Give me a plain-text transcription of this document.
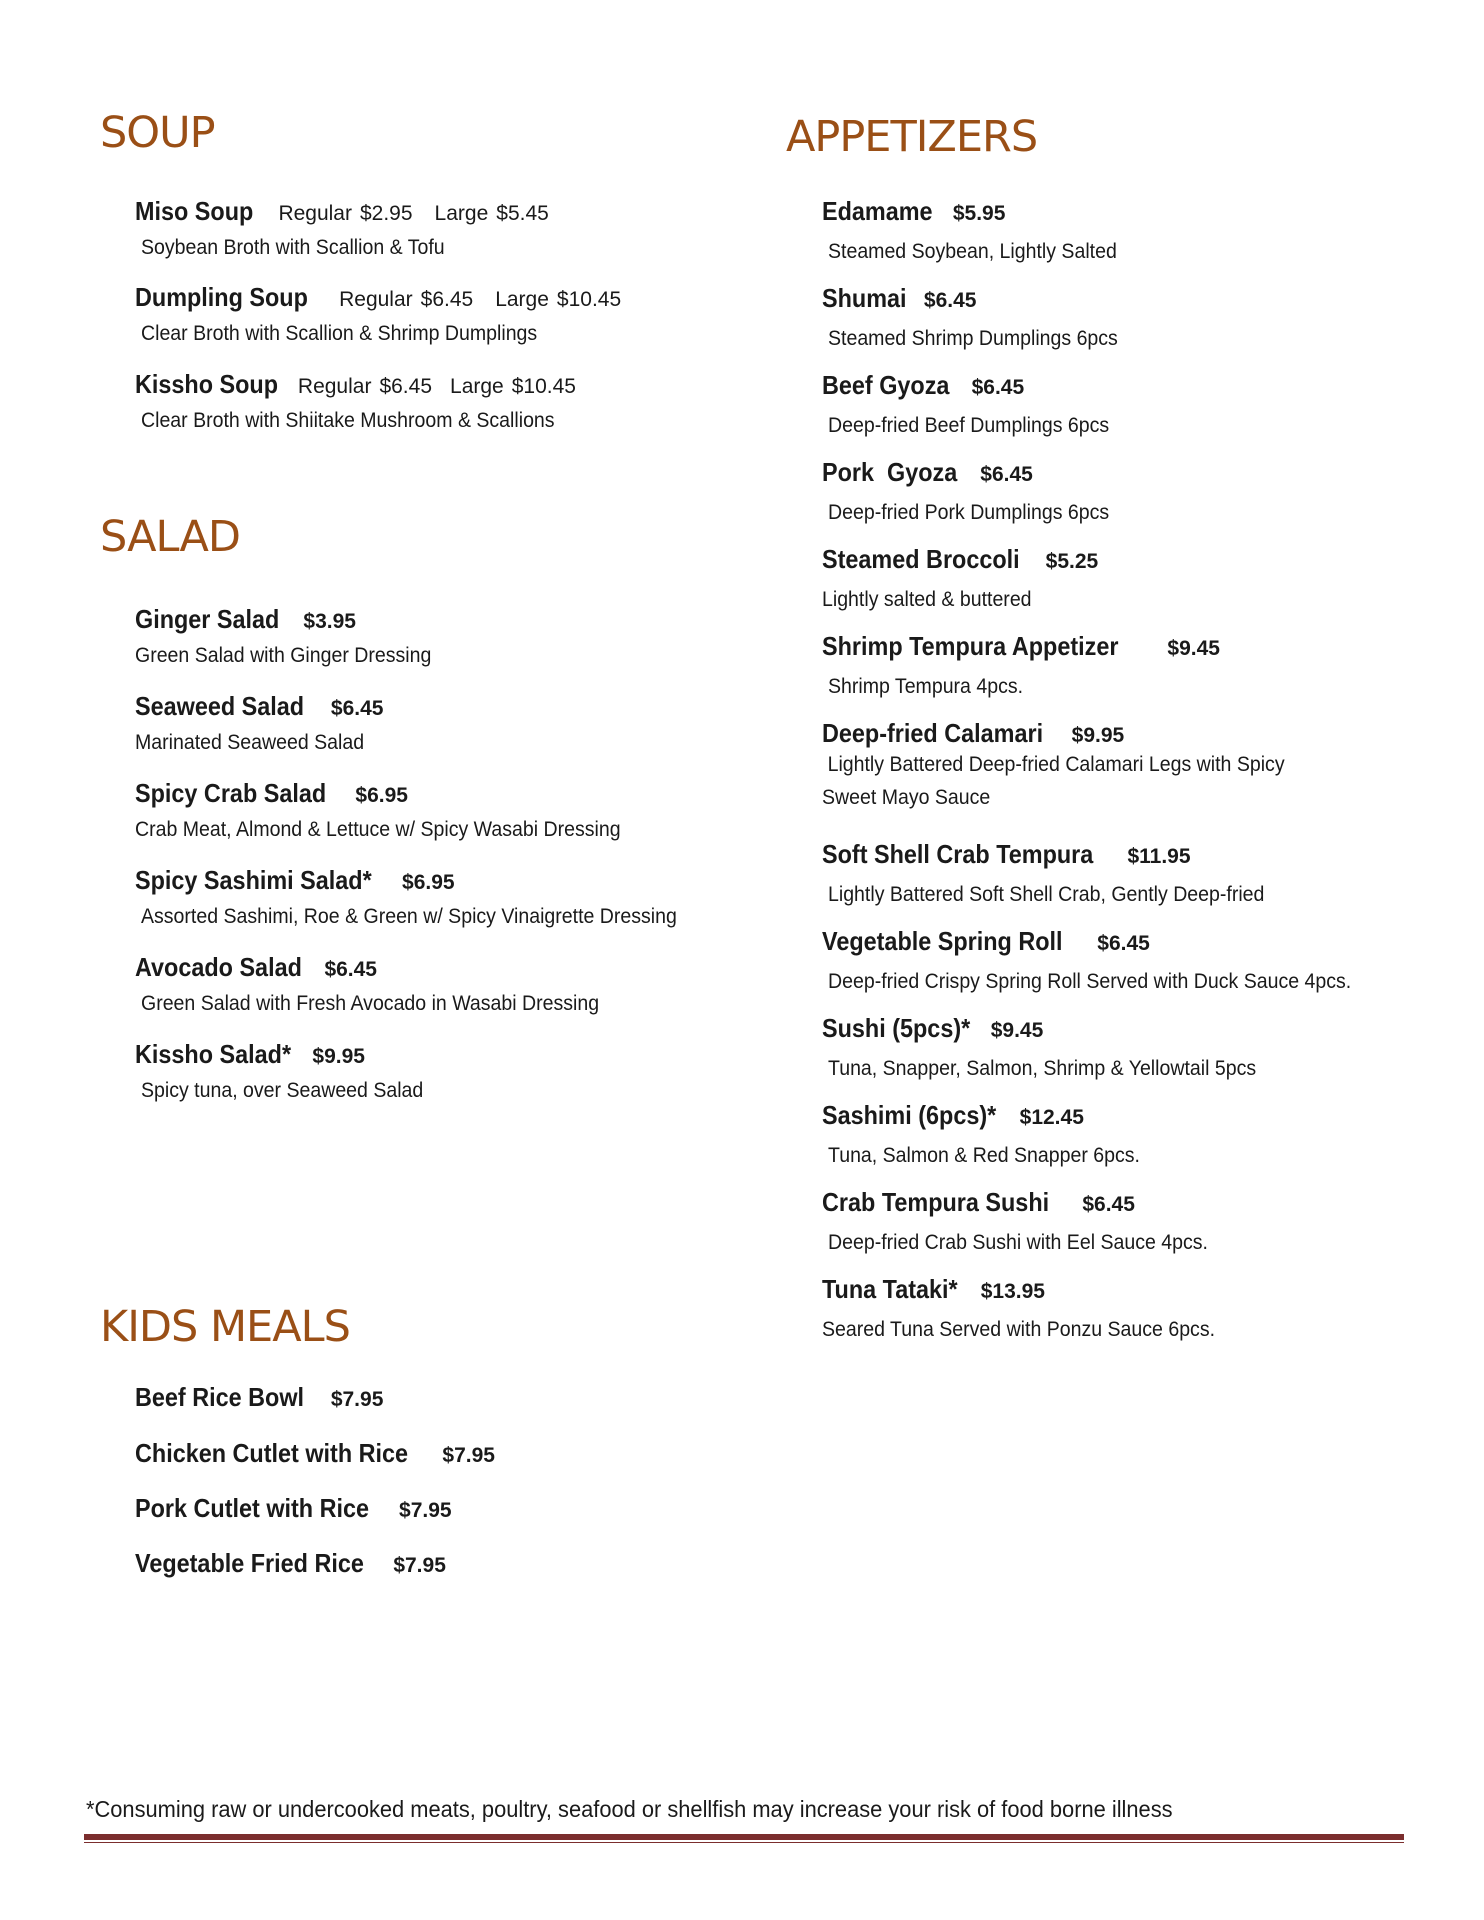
SOUP
Miso Soup Regular $2.95 Large $5.45
Soybean Broth with Scallion & Tofu
Dumpling Soup Regular $6.45 Large $10.45
Clear Broth with Scallion & Shrimp Dumplings
Kissho Soup Regular $6.45 Large $10.45
Clear Broth with Shiitake Mushroom & Scallions
SALAD
Ginger Salad $3.95
Green Salad with Ginger Dressing
Seaweed Salad $6.45
Marinated Seaweed Salad
Spicy Crab Salad $6.95
Crab Meat, Almond & Lettuce w/ Spicy Wasabi Dressing
Spicy Sashimi Salad* $6.95
Assorted Sashimi, Roe & Green w/ Spicy Vinaigrette Dressing
Avocado Salad $6.45
Green Salad with Fresh Avocado in Wasabi Dressing
Kissho Salad* $9.95
Spicy tuna, over Seaweed Salad
KIDS MEALS
Beef Rice Bowl $7.95
Chicken Cutlet with Rice $7.95
Pork Cutlet with Rice $7.95
Vegetable Fried Rice $7.95
APPETIZERS
Edamame $5.95
Steamed Soybean, Lightly Salted
Shumai $6.45
Steamed Shrimp Dumplings 6pcs
Beef Gyoza $6.45
Deep-fried Beef Dumplings 6pcs
Pork  Gyoza $6.45
Deep-fried Pork Dumplings 6pcs
Steamed Broccoli $5.25
Lightly salted & buttered
Shrimp Tempura Appetizer $9.45
Shrimp Tempura 4pcs.
Deep-fried Calamari $9.95
Lightly Battered Deep-fried Calamari Legs with Spicy Sweet Mayo Sauce
Soft Shell Crab Tempura $11.95
Lightly Battered Soft Shell Crab, Gently Deep-fried
Vegetable Spring Roll $6.45
Deep-fried Crispy Spring Roll Served with Duck Sauce 4pcs.
Sushi (5pcs)* $9.45
Tuna, Snapper, Salmon, Shrimp & Yellowtail 5pcs
Sashimi (6pcs)* $12.45
Tuna, Salmon & Red Snapper 6pcs.
Crab Tempura Sushi $6.45
Deep-fried Crab Sushi with Eel Sauce 4pcs.
Tuna Tataki* $13.95
Seared Tuna Served with Ponzu Sauce 6pcs.
*Consuming raw or undercooked meats, poultry, seafood or shellfish may increase your risk of food borne illness
